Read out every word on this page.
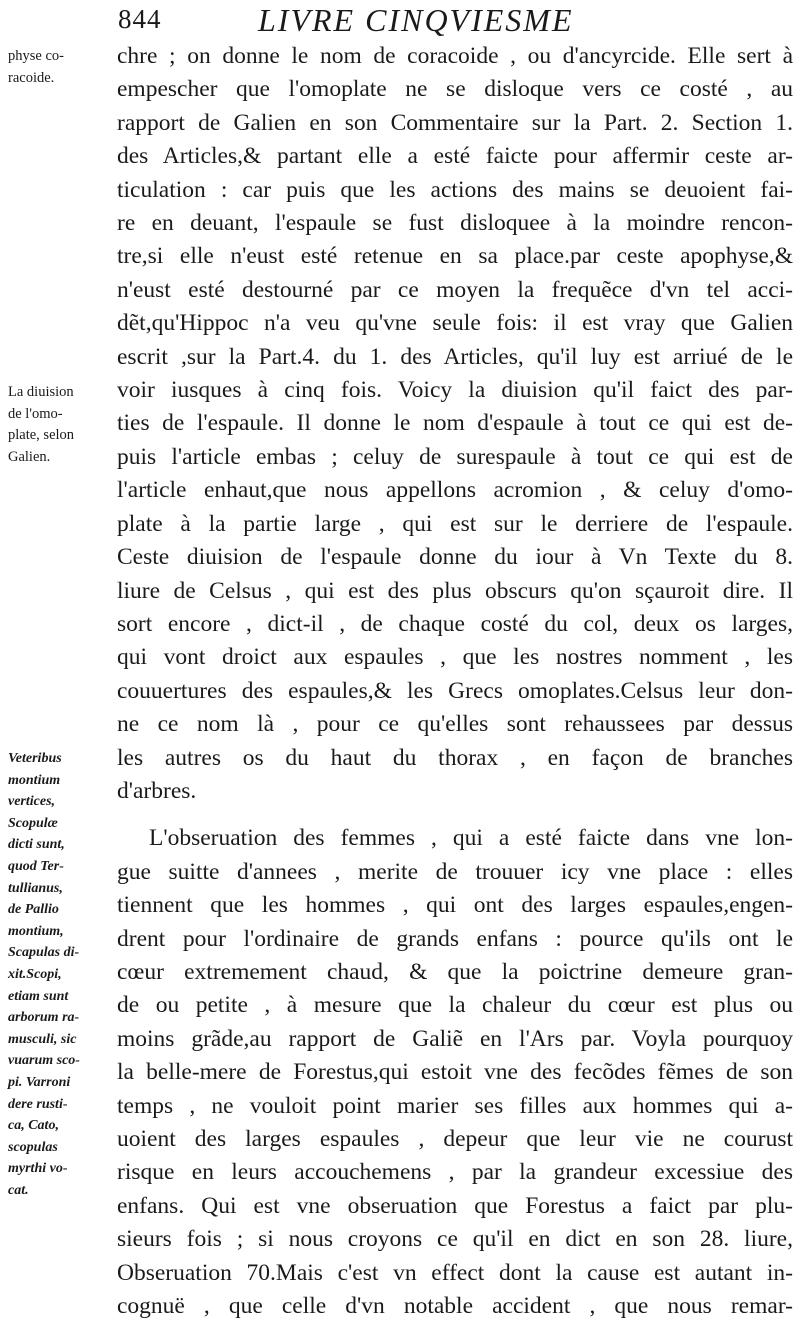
844	LIVRE CINQVIESME
physe co-
racoide.
La diuision
de l'omo-
plate, selon
Galien.
Veteribus
montium
vertices,
Scopulæ
dicti sunt,
quod Ter-
tullianus,
de Pallio
montium,
Scapulas di-
xit.Scopi,
etiam sunt
arborum ra-
musculi, sic
vuarum sco-
pi. Varroni
dere rusti-
ca, Cato,
scopulas
myrthi vo-
cat.
chre ; on donne le nom de coracoide , ou d'ancyrcide. Elle sert à
empescher que l'omoplate ne se disloque vers ce costé , au
rapport de Galien en son Commentaire sur la Part. 2. Section 1.
des Articles,& partant elle a esté faicte pour affermir ceste ar-
ticulation : car puis que les actions des mains se deuoient fai-
re en deuant, l'espaule se fust disloquee à la moindre rencon-
tre,si elle n'eust esté retenue en sa place.par ceste apophyse,&
n'eust esté destourné par ce moyen la frequẽce d'vn tel acci-
dẽt,qu'Hippoc n'a veu qu'vne seule fois: il est vray que Galien
escrit ,sur la Part.4. du 1. des Articles, qu'il luy est arriué de le
voir iusques à cinq fois. Voicy la diuision qu'il faict des par-
ties de l'espaule. Il donne le nom d'espaule à tout ce qui est de-
puis l'article embas ; celuy de surespaule à tout ce qui est de
l'article enhaut,que nous appellons acromion , & celuy d'omo-
plate à la partie large , qui est sur le derriere de l'espaule.
Ceste diuision de l'espaule donne du iour à Vn Texte du 8.
liure de Celsus , qui est des plus obscurs qu'on sçauroit dire. Il
sort encore , dict-il , de chaque costé du col, deux os larges,
qui vont droict aux espaules , que les nostres nomment , les
couuertures des espaules,& les Grecs omoplates.Celsus leur don-
ne ce nom là , pour ce qu'elles sont rehaussees par dessus
les autres os du haut du thorax , en façon de branches
d'arbres.
L'obseruation des femmes , qui a esté faicte dans vne lon-
gue suitte d'annees , merite de trouuer icy vne place : elles
tiennent que les hommes , qui ont des larges espaules,engen-
drent pour l'ordinaire de grands enfans : pource qu'ils ont le
cœur extremement chaud, & que la poictrine demeure gran-
de ou petite , à mesure que la chaleur du cœur est plus ou
moins grãde,au rapport de Galiẽ en l'Ars par. Voyla pourquoy
la belle-mere de Forestus,qui estoit vne des fecõdes fẽmes de son
temps , ne vouloit point marier ses filles aux hommes qui a-
uoient des larges espaules , depeur que leur vie ne courust
risque en leurs accouchemens , par la grandeur excessiue des
enfans. Qui est vne obseruation que Forestus a faict par plu-
sieurs fois ; si nous croyons ce qu'il en dict en son 28. liure,
Obseruation 70.Mais c'est vn effect dont la cause est autant in-
cognuë , que celle d'vn notable accident , que nous remar-
